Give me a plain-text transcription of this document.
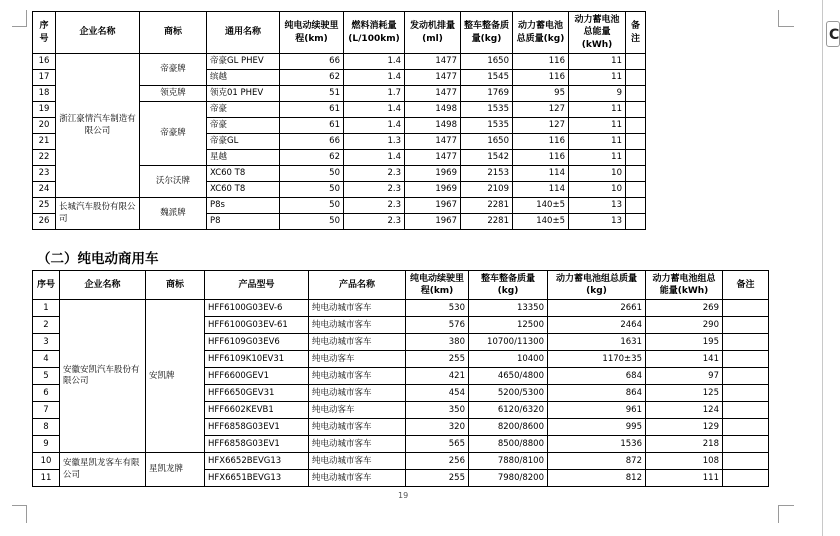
C
序号	企业名称	商标	通用名称	纯电动续驶里程(km)	燃料消耗量(L/100km)	发动机排量(ml)	整车整备质量(kg)	动力蓄电池总质量(kg)	动力蓄电池总能量(kWh)	备注
16	浙江豪情汽车制造有限公司	帝豪牌	帝豪GL PHEV	66	1.4	1477	1650	116	11	
17			缤越	62	1.4	1477	1545	116	11	
18		领克牌	领克01 PHEV	51	1.7	1477	1769	95	9	
19		帝豪牌	帝豪	61	1.4	1498	1535	127	11	
20			帝豪	61	1.4	1498	1535	127	11	
21			帝豪GL	66	1.3	1477	1650	116	11	
22			星越	62	1.4	1477	1542	116	11	
23		沃尔沃牌	XC60 T8	50	2.3	1969	2153	114	10	
24			XC60 T8	50	2.3	1969	2109	114	10	
25	长城汽车股份有限公司	魏派牌	P8s	50	2.3	1967	2281	140±5	13	
26			P8	50	2.3	1967	2281	140±5	13	
（二）纯电动商用车
序号	企业名称	商标	产品型号	产品名称	纯电动续驶里程(km)	整车整备质量(kg)	动力蓄电池组总质量(kg)	动力蓄电池组总能量(kWh)	备注
1	安徽安凯汽车股份有限公司	安凯牌	HFF6100G03EV-6	纯电动城市客车	530	13350	2661	269	
2			HFF6100G03EV-61	纯电动城市客车	576	12500	2464	290	
3			HFF6109G03EV6	纯电动城市客车	380	10700/11300	1631	195	
4			HFF6109K10EV31	纯电动客车	255	10400	1170±35	141	
5			HFF6600GEV1	纯电动城市客车	421	4650/4800	684	97	
6			HFF6650GEV31	纯电动城市客车	454	5200/5300	864	125	
7			HFF6602KEVB1	纯电动客车	350	6120/6320	961	124	
8			HFF6858G03EV1	纯电动城市客车	320	8200/8600	995	129	
9			HFF6858G03EV1	纯电动城市客车	565	8500/8800	1536	218	
10	安徽星凯龙客车有限公司	星凯龙牌	HFX6652BEVG13	纯电动城市客车	256	7880/8100	872	108	
11			HFX6651BEVG13	纯电动城市客车	255	7980/8200	812	111	
19
